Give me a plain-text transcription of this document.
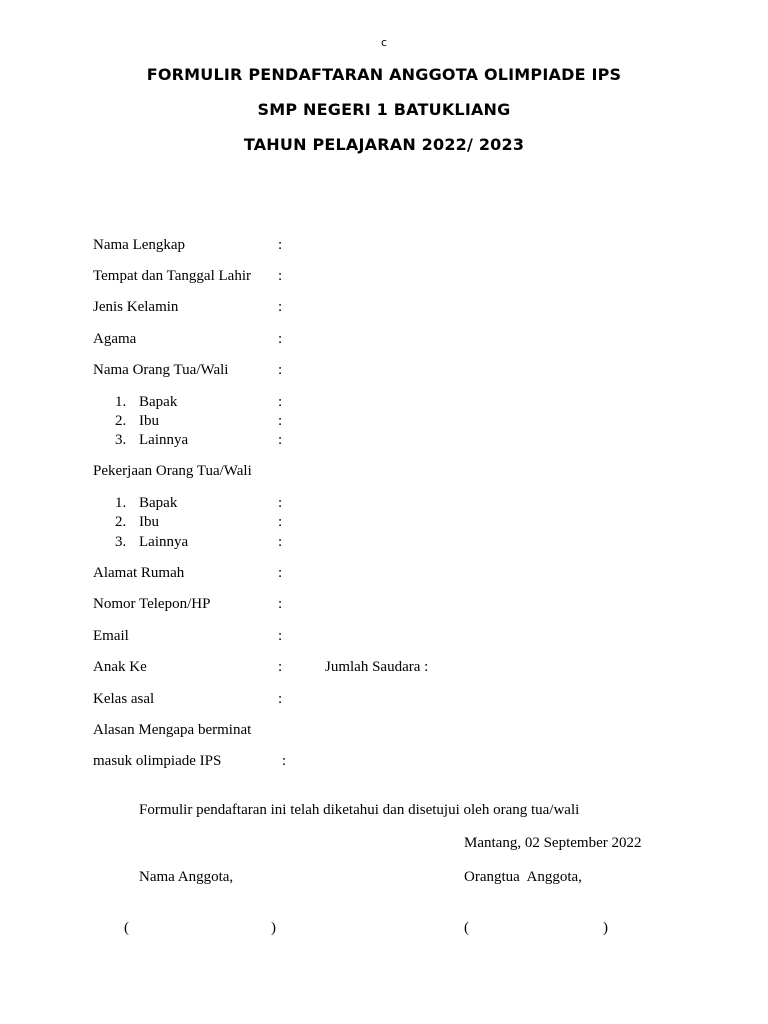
c
FORMULIR PENDAFTARAN ANGGOTA OLIMPIADE IPS
SMP NEGERI 1 BATUKLIANG
TAHUN PELAJARAN 2022/ 2023
Nama Lengkap	:
Tempat dan Tanggal Lahir :
Jenis Kelamin	:
Agama	:
Nama Orang Tua/Wali	:
1. Bapak	:
2. Ibu	:
3. Lainnya	:
Pekerjaan Orang Tua/Wali
1. Bapak	:
2. Ibu	:
3. Lainnya	:
Alamat Rumah	:
Nomor Telepon/HP	:
Email	:
Anak Ke	:	Jumlah Saudara :
Kelas asal	:
Alasan Mengapa berminat
masuk olimpiade IPS	:
Formulir pendaftaran ini telah diketahui dan disetujui oleh orang tua/wali
Mantang, 02 September 2022
Nama Anggota,	Orangtua  Anggota,
(	)	(	)
